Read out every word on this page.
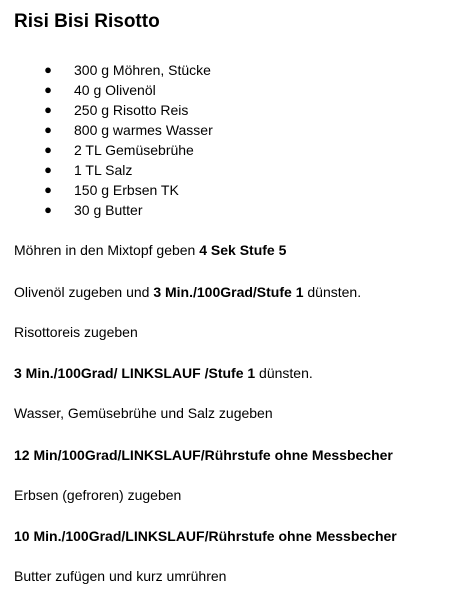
Risi Bisi Risotto
● 300 g Möhren, Stücke
● 40 g Olivenöl
● 250 g Risotto Reis
● 800 g warmes Wasser
● 2 TL Gemüsebrühe
● 1 TL Salz
● 150 g Erbsen TK
● 30 g Butter

Möhren in den Mixtopf geben 4 Sek Stufe 5

Olivenöl zugeben und 3 Min./100Grad/Stufe 1 dünsten.

Risottoreis zugeben

3 Min./100Grad/ LINKSLAUF /Stufe 1 dünsten.

Wasser, Gemüsebrühe und Salz zugeben

12 Min/100Grad/LINKSLAUF/Rührstufe ohne Messbecher

Erbsen (gefroren) zugeben

10 Min./100Grad/LINKSLAUF/Rührstufe ohne Messbecher

Butter zufügen und kurz umrühren
